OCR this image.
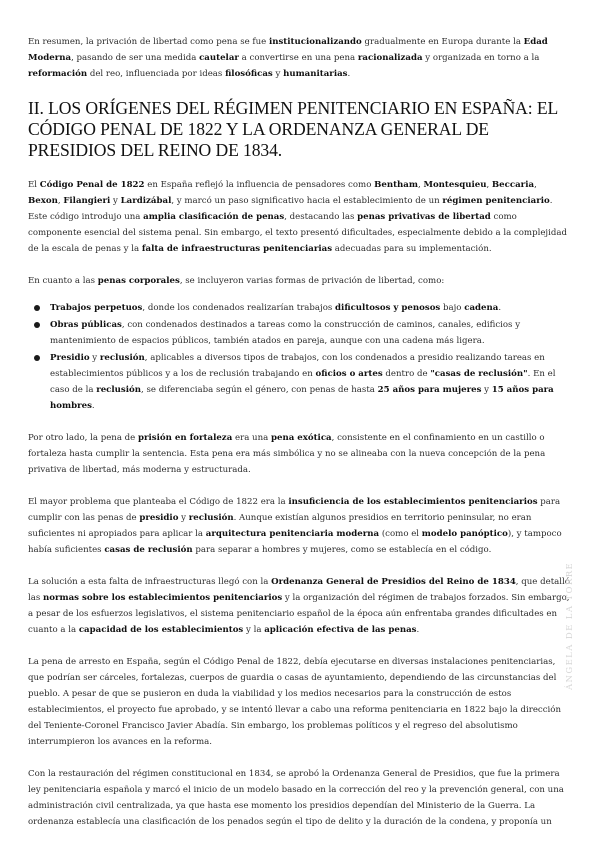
En resumen, la privación de libertad como pena se fue institucionalizando gradualmente en Europa durante la Edad Moderna, pasando de ser una medida cautelar a convertirse en una pena racionalizada y organizada en torno a la reformación del reo, influenciada por ideas filosóficas y humanitarias.

II. LOS ORÍGENES DEL RÉGIMEN PENITENCIARIO EN ESPAÑA: EL CÓDIGO PENAL DE 1822 Y LA ORDENANZA GENERAL DE PRESIDIOS DEL REINO DE 1834.

El Código Penal de 1822 en España reflejó la influencia de pensadores como Bentham, Montesquieu, Beccaria, Bexon, Filangieri y Lardizábal, y marcó un paso significativo hacia el establecimiento de un régimen penitenciario. Este código introdujo una amplia clasificación de penas, destacando las penas privativas de libertad como componente esencial del sistema penal. Sin embargo, el texto presentó dificultades, especialmente debido a la complejidad de la escala de penas y la falta de infraestructuras penitenciarias adecuadas para su implementación.

En cuanto a las penas corporales, se incluyeron varias formas de privación de libertad, como:

Trabajos perpetuos, donde los condenados realizarían trabajos dificultosos y penosos bajo cadena.
Obras públicas, con condenados destinados a tareas como la construcción de caminos, canales, edificios y mantenimiento de espacios públicos, también atados en pareja, aunque con una cadena más ligera.
Presidio y reclusión, aplicables a diversos tipos de trabajos, con los condenados a presidio realizando tareas en establecimientos públicos y a los de reclusión trabajando en oficios o artes dentro de "casas de reclusión". En el caso de la reclusión, se diferenciaba según el género, con penas de hasta 25 años para mujeres y 15 años para hombres.

Por otro lado, la pena de prisión en fortaleza era una pena exótica, consistente en el confinamiento en un castillo o fortaleza hasta cumplir la sentencia. Esta pena era más simbólica y no se alineaba con la nueva concepción de la pena privativa de libertad, más moderna y estructurada.

El mayor problema que planteaba el Código de 1822 era la insuficiencia de los establecimientos penitenciarios para cumplir con las penas de presidio y reclusión. Aunque existían algunos presidios en territorio peninsular, no eran suficientes ni apropiados para aplicar la arquitectura penitenciaria moderna (como el modelo panóptico), y tampoco había suficientes casas de reclusión para separar a hombres y mujeres, como se establecía en el código.

La solución a esta falta de infraestructuras llegó con la Ordenanza General de Presidios del Reino de 1834, que detalló las normas sobre los establecimientos penitenciarios y la organización del régimen de trabajos forzados. Sin embargo, a pesar de los esfuerzos legislativos, el sistema penitenciario español de la época aún enfrentaba grandes dificultades en cuanto a la capacidad de los establecimientos y la aplicación efectiva de las penas.

La pena de arresto en España, según el Código Penal de 1822, debía ejecutarse en diversas instalaciones penitenciarias, que podrían ser cárceles, fortalezas, cuerpos de guardia o casas de ayuntamiento, dependiendo de las circunstancias del pueblo. A pesar de que se pusieron en duda la viabilidad y los medios necesarios para la construcción de estos establecimientos, el proyecto fue aprobado, y se intentó llevar a cabo una reforma penitenciaria en 1822 bajo la dirección del Teniente-Coronel Francisco Javier Abadía. Sin embargo, los problemas políticos y el regreso del absolutismo interrumpieron los avances en la reforma.

Con la restauración del régimen constitucional en 1834, se aprobó la Ordenanza General de Presidios, que fue la primera ley penitenciaria española y marcó el inicio de un modelo basado en la corrección del reo y la prevención general, con una administración civil centralizada, ya que hasta ese momento los presidios dependían del Ministerio de la Guerra. La ordenanza establecía una clasificación de los penados según el tipo de delito y la duración de la condena, y proponía un

ÁNGELA DE LA TORRE
